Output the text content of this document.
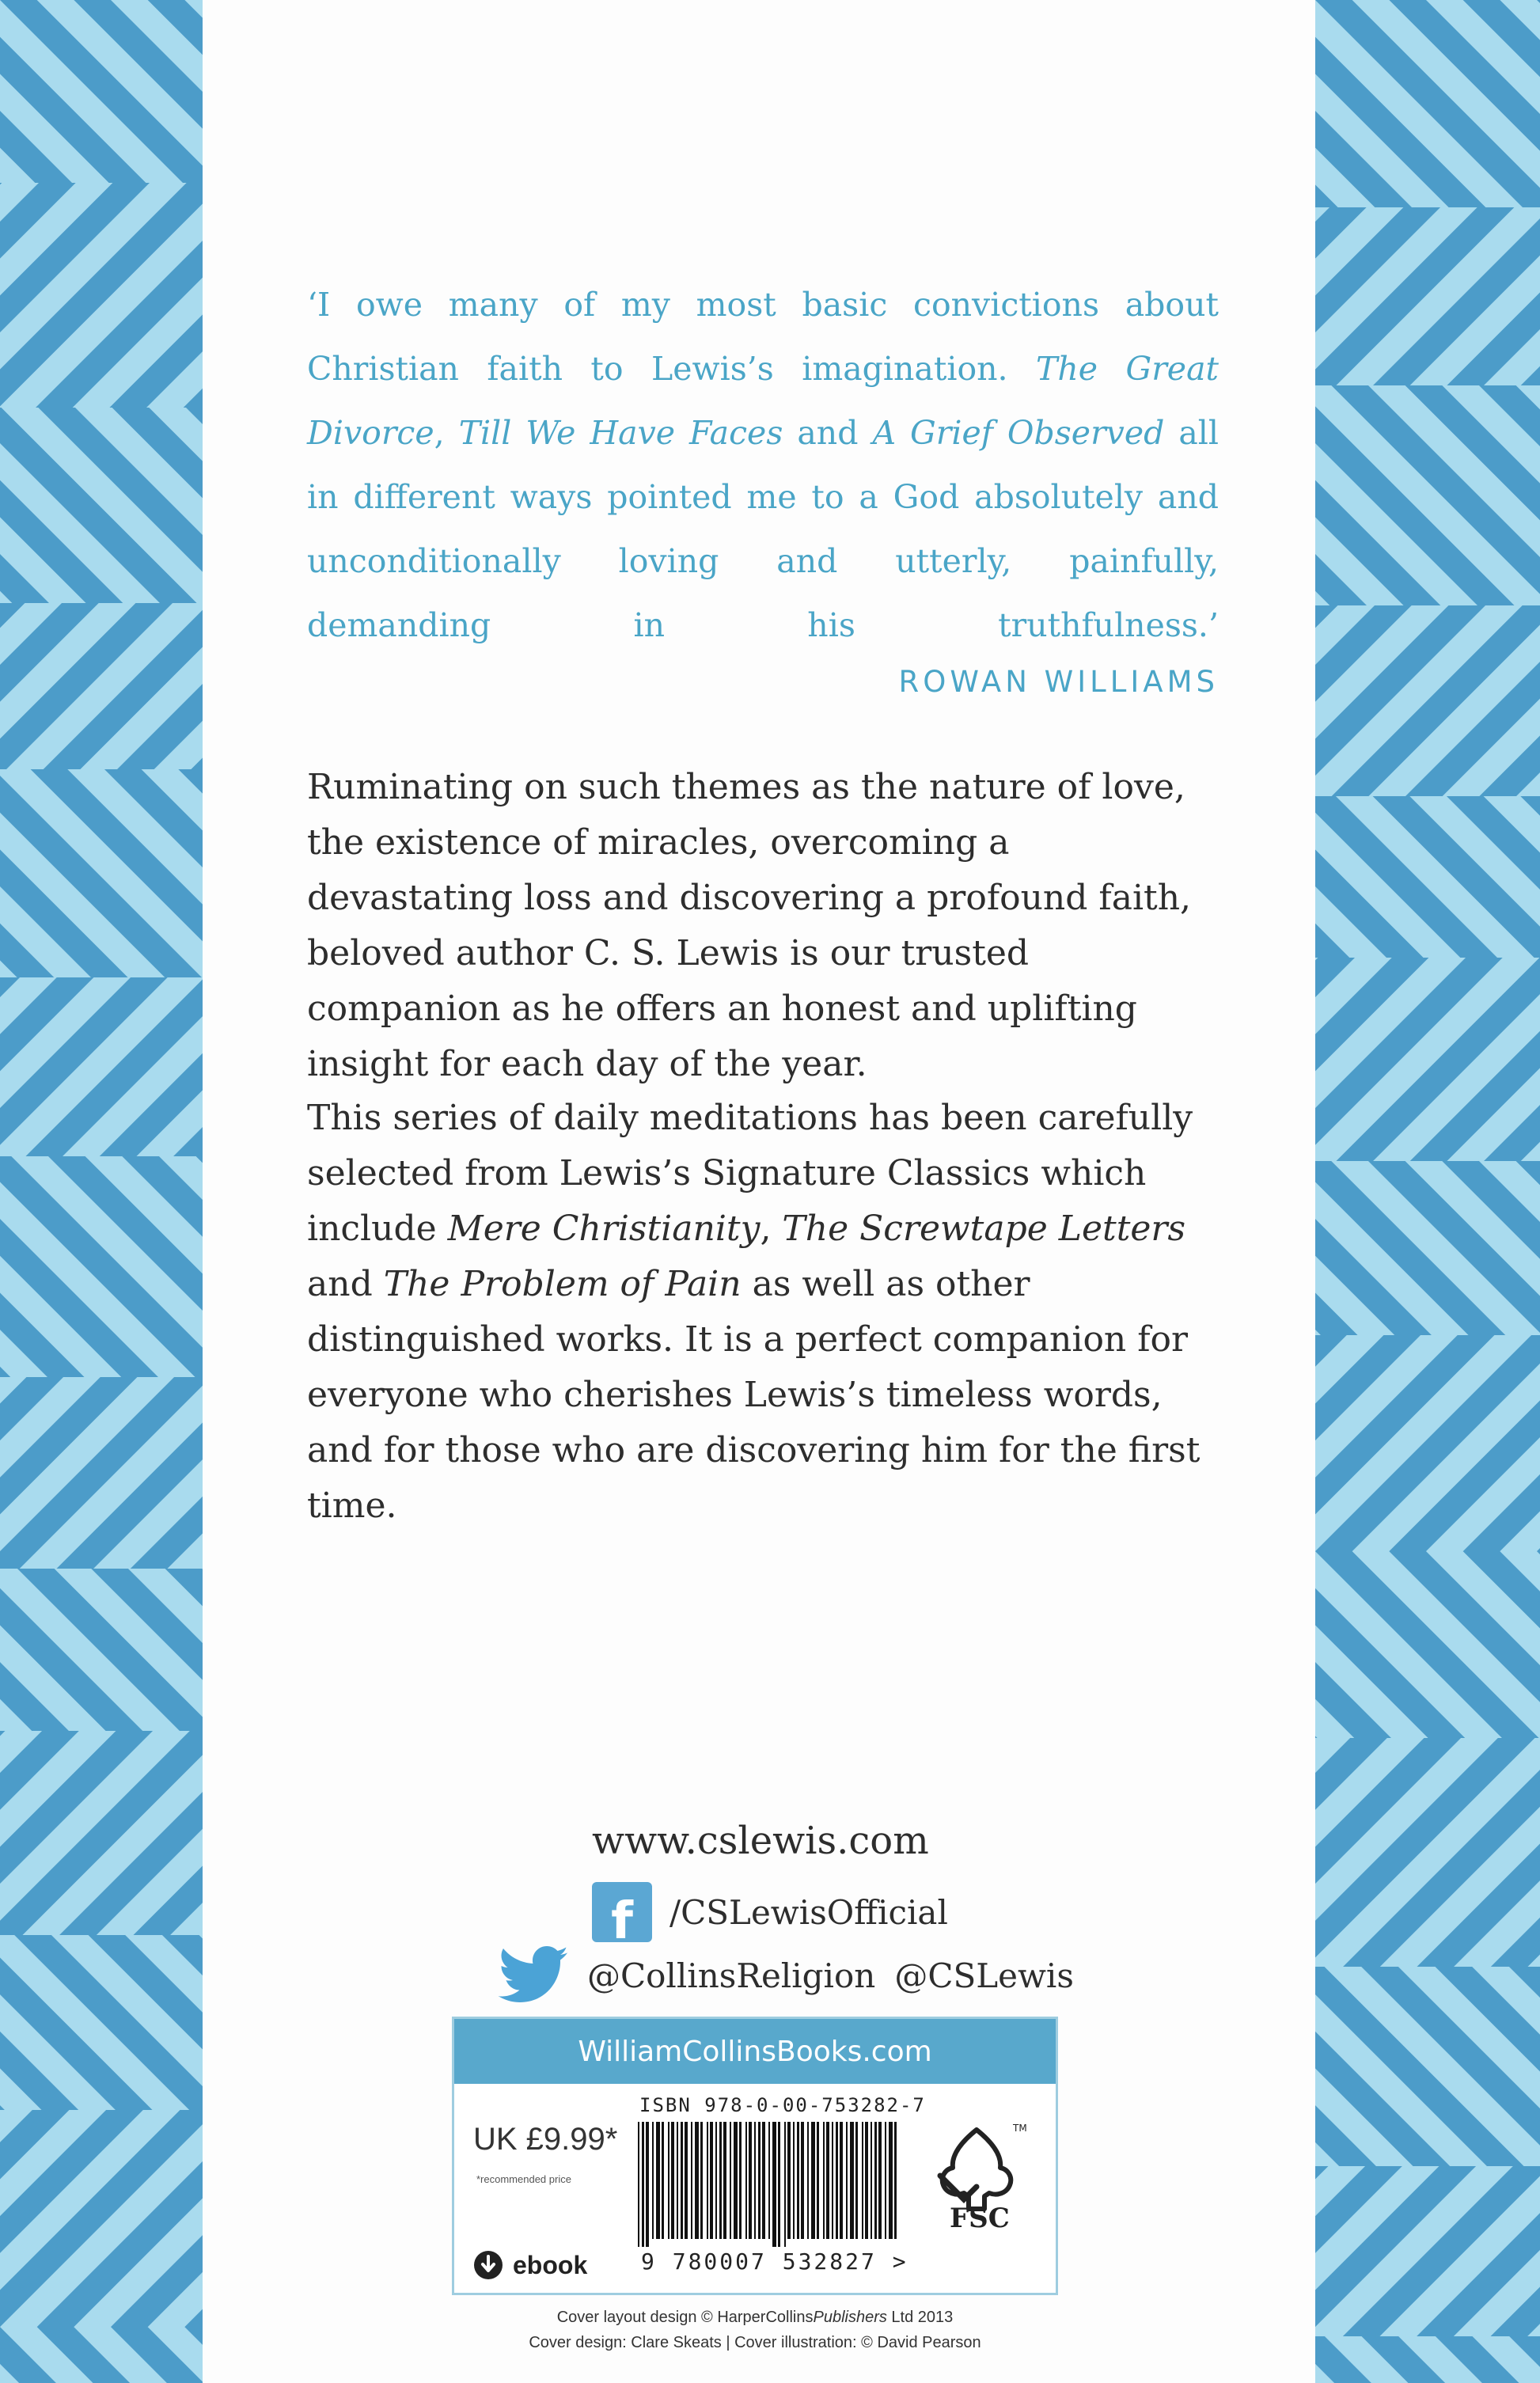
‘I owe many of my most basic convictions about Christian faith to Lewis’s imagination. The Great Divorce, Till We Have Faces and A Grief Observed all in different ways pointed me to a God absolutely and unconditionally loving and utterly, painfully, demanding in his truthfulness.’

ROWAN WILLIAMS

Ruminating on such themes as the nature of love, the existence of miracles, overcoming a devastating loss and discovering a profound faith, beloved author C. S. Lewis is our trusted companion as he offers an honest and uplifting insight for each day of the year.

This series of daily meditations has been carefully selected from Lewis’s Signature Classics which include Mere Christianity, The Screwtape Letters and The Problem of Pain as well as other distinguished works. It is a perfect companion for everyone who cherishes Lewis’s timeless words, and for those who are discovering him for the first time.

www.cslewis.com
f /CSLewisOfficial
@CollinsReligion @CSLewis
WilliamCollinsBooks.com
ISBN 978-0-00-753282-7
UK £9.99*
*recommended price
9 780007 532827 >
TM
FSC
ebook
Cover layout design © HarperCollinsPublishers Ltd 2013
Cover design: Clare Skeats | Cover illustration: © David Pearson
